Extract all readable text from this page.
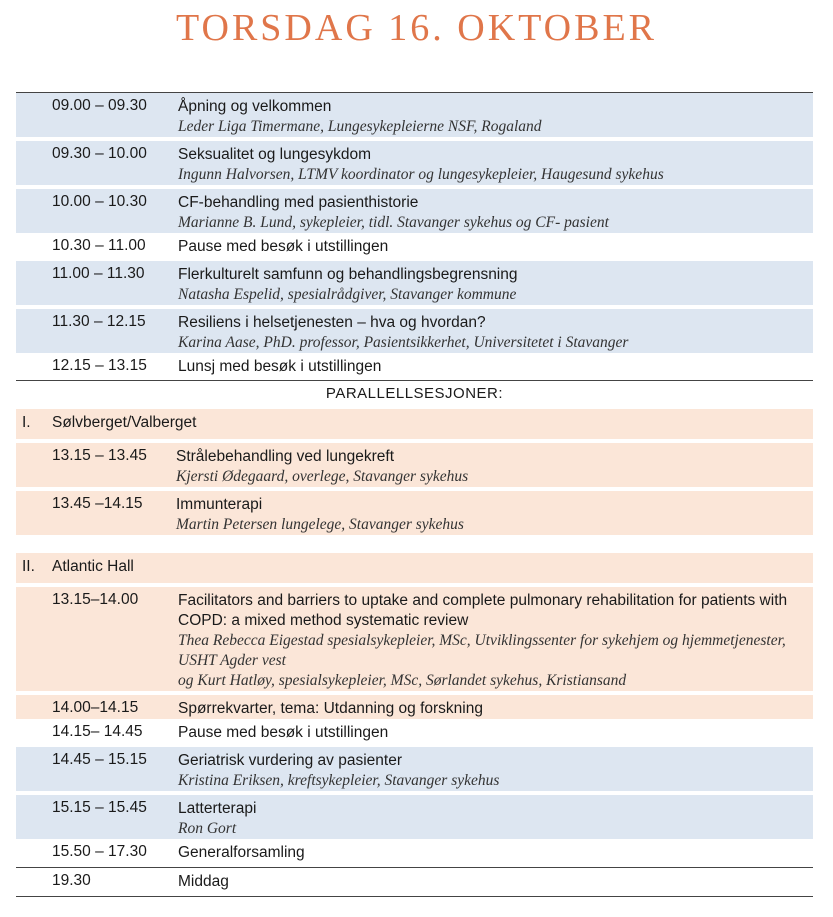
TORSDAG 16. OKTOBER
09.00 – 09.30	Åpning og velkommen
Leder Liga Timermane, Lungesykepleierne NSF, Rogaland
09.30 – 10.00	Seksualitet og lungesykdom
Ingunn Halvorsen, LTMV koordinator og lungesykepleier, Haugesund sykehus
10.00 – 10.30	CF-behandling med pasienthistorie
Marianne B. Lund, sykepleier, tidl. Stavanger sykehus og CF- pasient
10.30 – 11.00	Pause med besøk i utstillingen
11.00 – 11.30	Flerkulturelt samfunn og behandlingsbegrensning
Natasha Espelid, spesialrådgiver, Stavanger kommune
11.30 – 12.15	Resiliens i helsetjenesten – hva og hvordan?
Karina Aase, PhD. professor, Pasientsikkerhet, Universitetet i Stavanger
12.15 – 13.15	Lunsj med besøk i utstillingen
PARALLELLSESJONER:
I. Sølvberget/Valberget
13.15 – 13.45	Strålebehandling ved lungekreft
Kjersti Ødegaard, overlege, Stavanger sykehus
13.45 –14.15	Immunterapi
Martin Petersen lungelege, Stavanger sykehus
II. Atlantic Hall
13.15–14.00	Facilitators and barriers to uptake and complete pulmonary rehabilitation for patients with COPD: a mixed method systematic review
Thea Rebecca Eigestad spesialsykepleier, MSc, Utviklingssenter for sykehjem og hjemmetjenester, USHT Agder vest
og Kurt Hatløy, spesialsykepleier, MSc, Sørlandet sykehus, Kristiansand
14.00–14.15	Spørrekvarter, tema: Utdanning og forskning
14.15– 14.45	Pause med besøk i utstillingen
14.45 – 15.15	Geriatrisk vurdering av pasienter
Kristina Eriksen, kreftsykepleier, Stavanger sykehus
15.15 – 15.45	Latterterapi
Ron Gort
15.50 – 17.30	Generalforsamling
19.30	Middag
